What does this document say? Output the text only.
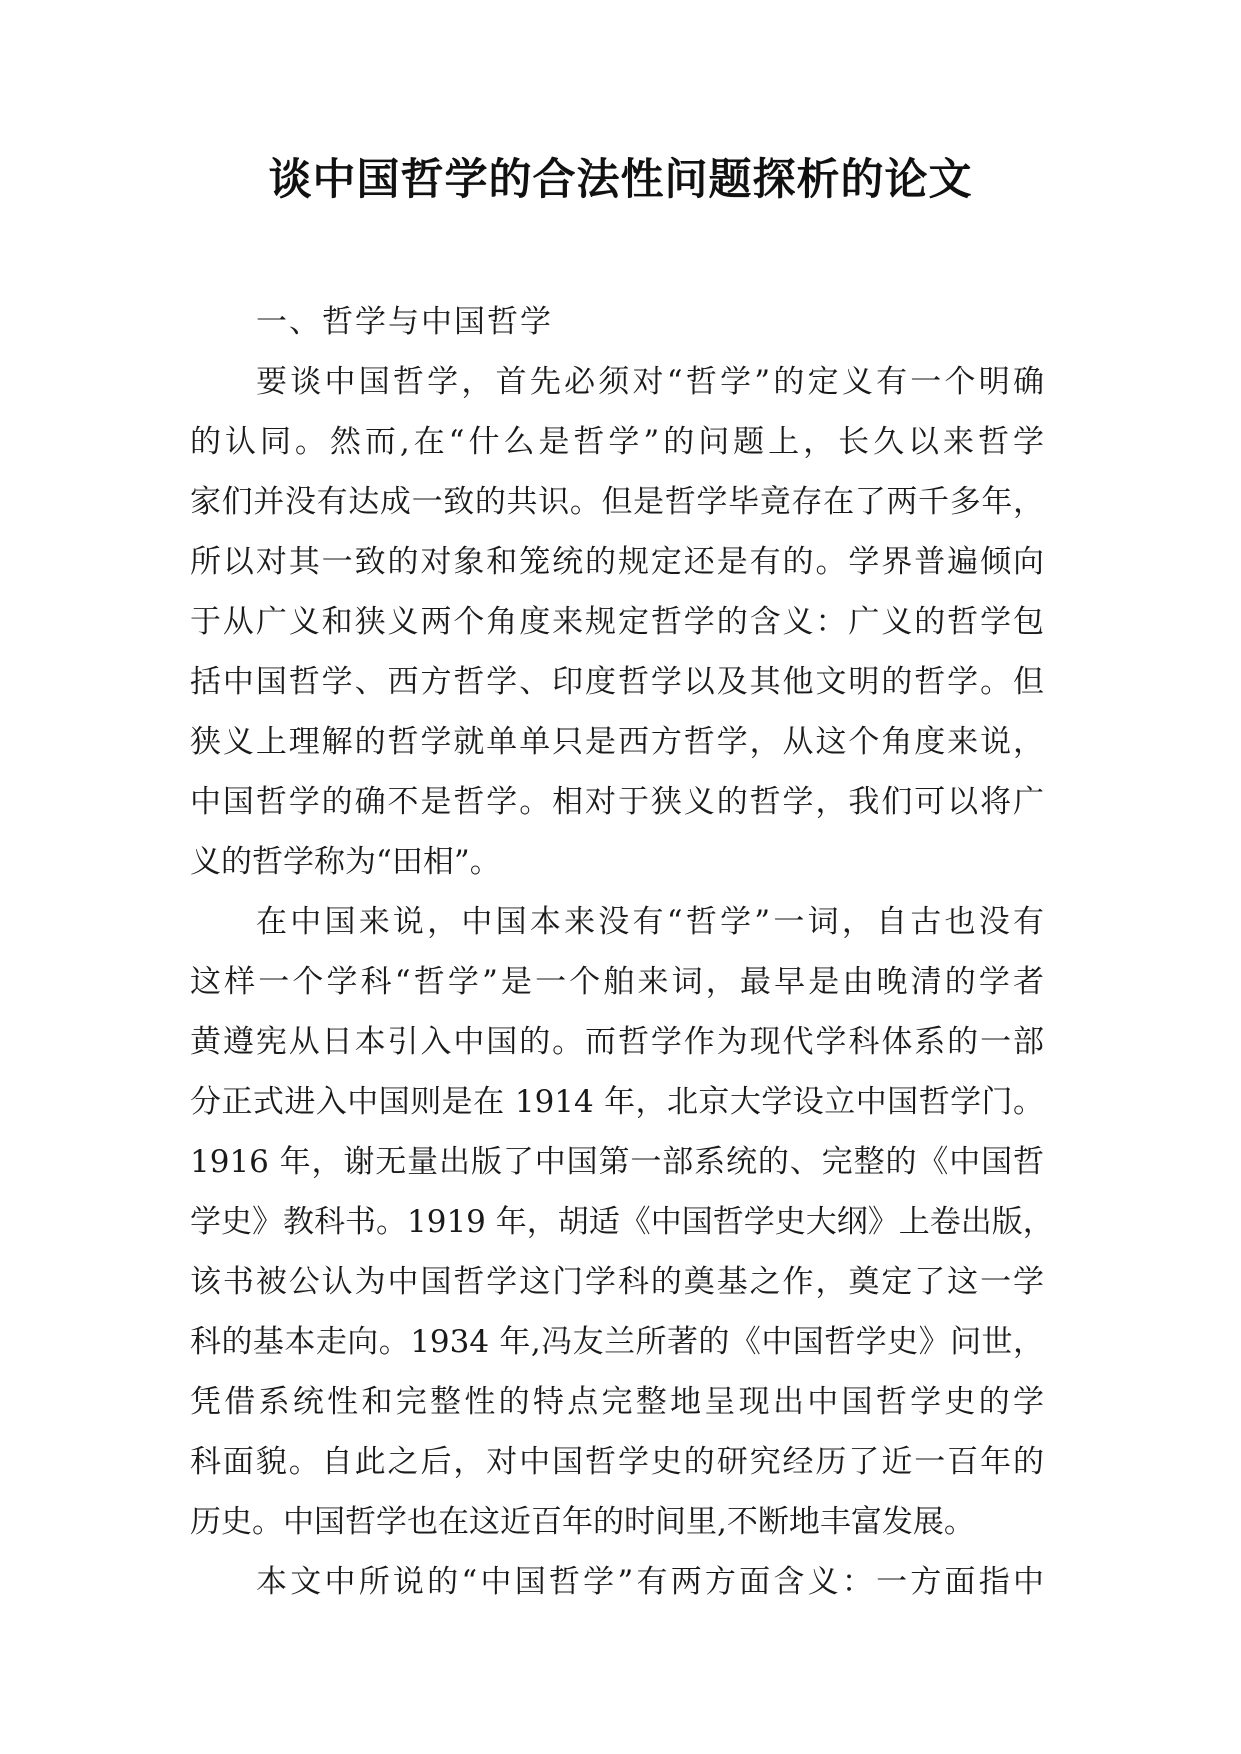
谈中国哲学的合法性问题探析的论文
一、哲学与中国哲学
要谈中国哲学，首先必须对“哲学”的定义有一个明确
的认同。然而,在“什么是哲学”的问题上，长久以来哲学
家们并没有达成一致的共识。但是哲学毕竟存在了两千多年，
所以对其一致的对象和笼统的规定还是有的。学界普遍倾向
于从广义和狭义两个角度来规定哲学的含义：广义的哲学包
括中国哲学、西方哲学、印度哲学以及其他文明的哲学。但
狭义上理解的哲学就单单只是西方哲学，从这个角度来说，
中国哲学的确不是哲学。相对于狭义的哲学，我们可以将广
义的哲学称为“田相”。
在中国来说，中国本来没有“哲学”一词，自古也没有
这样一个学科“哲学”是一个舶来词，最早是由晚清的学者
黄遵宪从日本引入中国的。而哲学作为现代学科体系的一部
分正式进入中国则是在 1914 年，北京大学设立中国哲学门。
1916 年，谢无量出版了中国第一部系统的、完整的《中国哲
学史》教科书。1919 年，胡适《中国哲学史大纲》上卷出版，
该书被公认为中国哲学这门学科的奠基之作，奠定了这一学
科的基本走向。1934 年,冯友兰所著的《中国哲学史》问世，
凭借系统性和完整性的特点完整地呈现出中国哲学史的学
科面貌。自此之后，对中国哲学史的研究经历了近一百年的
历史。中国哲学也在这近百年的时间里,不断地丰富发展。
本文中所说的“中国哲学”有两方面含义：一方面指中
